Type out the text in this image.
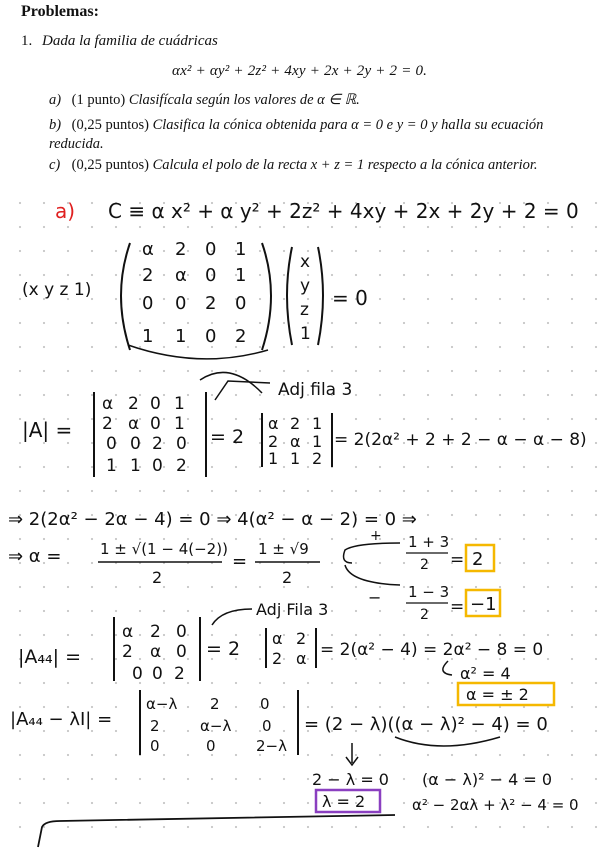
Problemas:
1. Dada la familia de cuádricas
αx² + αy² + 2z² + 4xy + 2x + 2y + 2 = 0.
a) (1 punto) Clasifícala según los valores de α ∈ ℝ.
b) (0,25 puntos) Clasifica la cónica obtenida para α = 0 e y = 0 y halla su ecuación reducida.
c) (0,25 puntos) Calcula el polo de la recta x + z = 1 respecto a la cónica anterior.
a) C ≡ α x² + α y² + 2z² + 4xy + 2x + 2y + 2 = 0
(x y z 1)
α 2 0 1
2 α 0 1
0 0 2 0
1 1 0 2
x
y
z
1
= 0
Adj fila 3
|A| =
α 2 0 1
2 α 0 1
0 0 2 0
1 1 0 2
= 2
α 2 1
2 α 1
1 1 2
= 2(2α² + 2 + 2 − α − α − 8)
⇒ 2(2α² − 2α − 4) = 0 ⇒ 4(α² − α − 2) = 0 ⇒
⇒ α =	1 ± √(1 − 4(−2))
2
=
1 ± √9
2
+
−
1 + 3
2 = 2
1 − 3
2 = −1
Adj Fila 3
|A₄₄| =
α 2 0
2 α 0
0 0 2
= 2 α 2
2 α = 2(α² − 4) = 2α² − 8 = 0
α² = 4
α = ± 2
|A₄₄ − λI| =
α−λ 2	0
2	α−λ 0
0	0	2−λ
= (2 − λ)((α − λ)² − 4) = 0
2 − λ = 0
λ = 2
(α − λ)² − 4 = 0
α² − 2αλ + λ² − 4 = 0
